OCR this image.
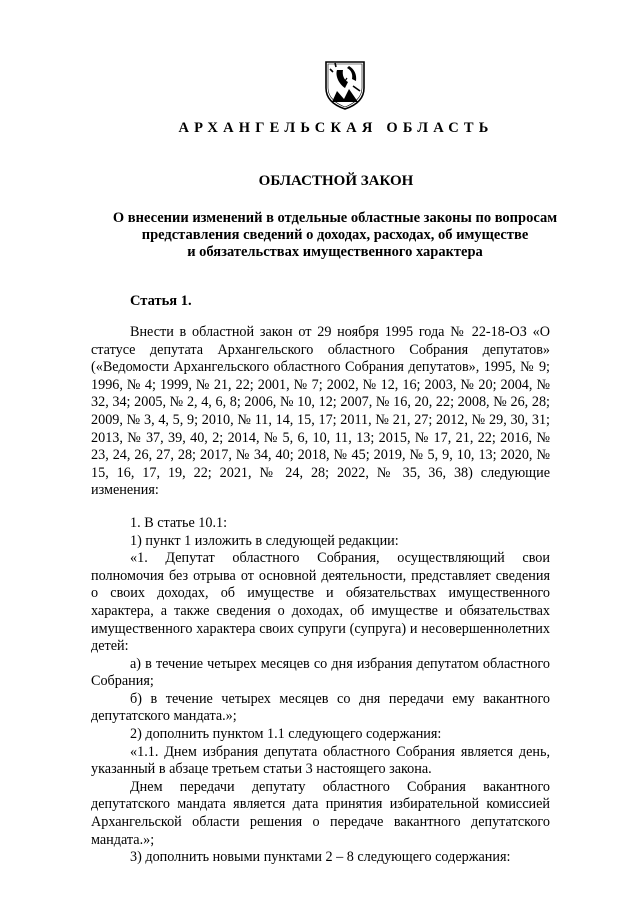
АРХАНГЕЛЬСКАЯ ОБЛАСТЬ
ОБЛАСТНОЙ ЗАКОН
О внесении изменений в отдельные областные законы по вопросам
представления сведений о доходах, расходах, об имуществе
и обязательствах имущественного характера
Статья 1.

Внести в областной закон от 29 ноября 1995 года № 22-18-ОЗ «О статусе депутата Архангельского областного Собрания депутатов» («Ведомости Архангельского областного Собрания депутатов», 1995, № 9; 1996, № 4; 1999, № 21, 22; 2001, № 7; 2002, № 12, 16; 2003, № 20; 2004, № 32, 34; 2005, № 2, 4, 6, 8; 2006, № 10, 12; 2007, № 16, 20, 22; 2008, № 26, 28; 2009, № 3, 4, 5, 9; 2010, № 11, 14, 15, 17; 2011, № 21, 27; 2012, № 29, 30, 31; 2013, № 37, 39, 40, 2; 2014, № 5, 6, 10, 11, 13; 2015, № 17, 21, 22; 2016, № 23, 24, 26, 27, 28; 2017, № 34, 40; 2018, № 45; 2019, № 5, 9, 10, 13; 2020, № 15, 16, 17, 19, 22; 2021, № 24, 28; 2022, № 35, 36, 38) следующие изменения:

1. В статье 10.1:

1) пункт 1 изложить в следующей редакции:

«1. Депутат областного Собрания, осуществляющий свои полномочия без отрыва от основной деятельности, представляет сведения о своих доходах, об имуществе и обязательствах имущественного характера, а также сведения о доходах, об имуществе и обязательствах имущественного характера своих супруги (супруга) и несовершеннолетних детей:

а) в течение четырех месяцев со дня избрания депутатом областного Собрания;

б) в течение четырех месяцев со дня передачи ему вакантного депутатского мандата.»;

2) дополнить пунктом 1.1 следующего содержания:

«1.1. Днем избрания депутата областного Собрания является день, указанный в абзаце третьем статьи 3 настоящего закона.

Днем передачи депутату областного Собрания вакантного депутатского мандата является дата принятия избирательной комиссией Архангельской области решения о передаче вакантного депутатского мандата.»;

3) дополнить новыми пунктами 2 – 8 следующего содержания:
